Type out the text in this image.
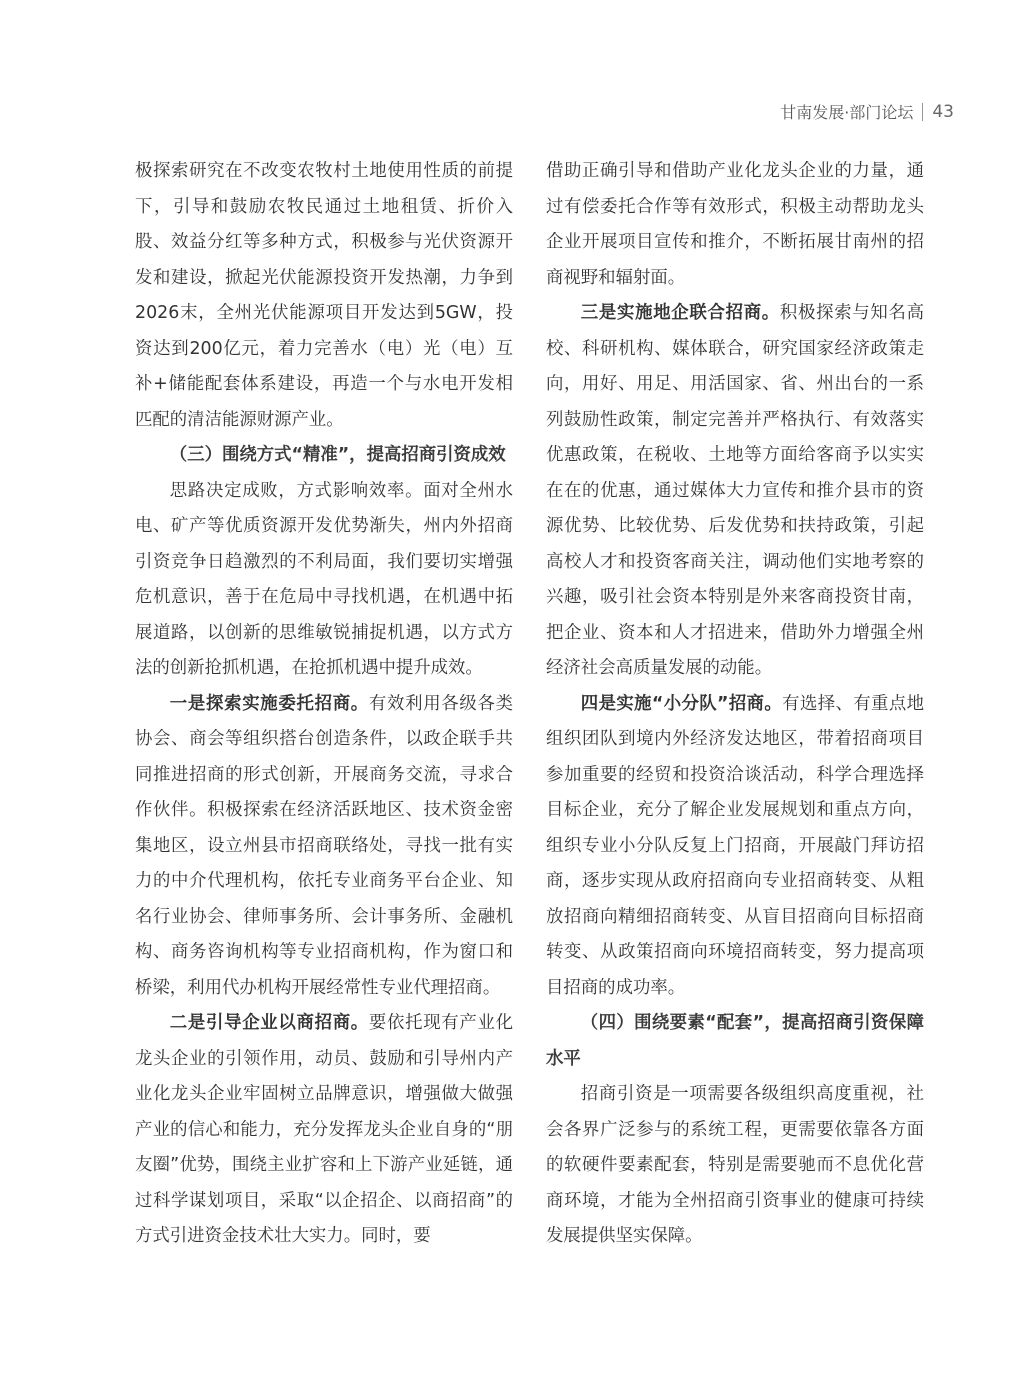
甘南发展·部门论坛 43

极探索研究在不改变农牧村土地使用性质的前提下，引导和鼓励农牧民通过土地租赁、折价入股、效益分红等多种方式，积极参与光伏资源开发和建设，掀起光伏能源投资开发热潮，力争到2026末，全州光伏能源项目开发达到5GW，投资达到200亿元，着力完善水（电）光（电）互补+储能配套体系建设，再造一个与水电开发相匹配的清洁能源财源产业。

（三）围绕方式“精准”，提高招商引资成效

思路决定成败，方式影响效率。面对全州水电、矿产等优质资源开发优势渐失，州内外招商引资竞争日趋激烈的不利局面，我们要切实增强危机意识，善于在危局中寻找机遇，在机遇中拓展道路，以创新的思维敏锐捕捉机遇，以方式方法的创新抢抓机遇，在抢抓机遇中提升成效。

一是探索实施委托招商。有效利用各级各类协会、商会等组织搭台创造条件，以政企联手共同推进招商的形式创新，开展商务交流，寻求合作伙伴。积极探索在经济活跃地区、技术资金密集地区，设立州县市招商联络处，寻找一批有实力的中介代理机构，依托专业商务平台企业、知名行业协会、律师事务所、会计事务所、金融机构、商务咨询机构等专业招商机构，作为窗口和桥梁，利用代办机构开展经常性专业代理招商。

二是引导企业以商招商。要依托现有产业化龙头企业的引领作用，动员、鼓励和引导州内产业化龙头企业牢固树立品牌意识，增强做大做强产业的信心和能力，充分发挥龙头企业自身的“朋友圈”优势，围绕主业扩容和上下游产业延链，通过科学谋划项目，采取“以企招企、以商招商”的方式引进资金技术壮大实力。同时，要

借助正确引导和借助产业化龙头企业的力量，通过有偿委托合作等有效形式，积极主动帮助龙头企业开展项目宣传和推介，不断拓展甘南州的招商视野和辐射面。

三是实施地企联合招商。积极探索与知名高校、科研机构、媒体联合，研究国家经济政策走向，用好、用足、用活国家、省、州出台的一系列鼓励性政策，制定完善并严格执行、有效落实优惠政策，在税收、土地等方面给客商予以实实在在的优惠，通过媒体大力宣传和推介县市的资源优势、比较优势、后发优势和扶持政策，引起高校人才和投资客商关注，调动他们实地考察的兴趣，吸引社会资本特别是外来客商投资甘南，把企业、资本和人才招进来，借助外力增强全州经济社会高质量发展的动能。

四是实施“小分队”招商。有选择、有重点地组织团队到境内外经济发达地区，带着招商项目参加重要的经贸和投资洽谈活动，科学合理选择目标企业，充分了解企业发展规划和重点方向，组织专业小分队反复上门招商，开展敲门拜访招商，逐步实现从政府招商向专业招商转变、从粗放招商向精细招商转变、从盲目招商向目标招商转变、从政策招商向环境招商转变，努力提高项目招商的成功率。

（四）围绕要素“配套”，提高招商引资保障水平

招商引资是一项需要各级组织高度重视，社会各界广泛参与的系统工程，更需要依靠各方面的软硬件要素配套，特别是需要驰而不息优化营商环境，才能为全州招商引资事业的健康可持续发展提供坚实保障。
